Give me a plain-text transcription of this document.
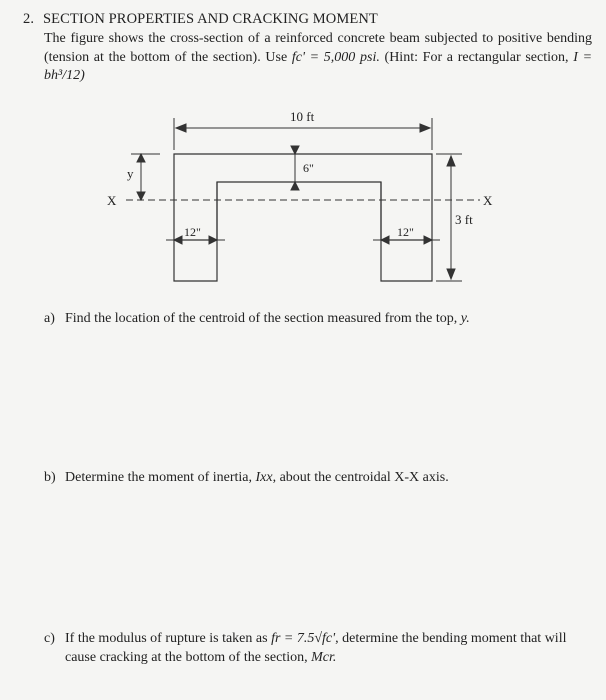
2. SECTION PROPERTIES AND CRACKING MOMENT
The figure shows the cross-section of a reinforced concrete beam subjected to positive bending (tension at the bottom of the section). Use fc' = 5,000 psi. (Hint: For a rectangular section, I = bh³/12)
10 ft
6"
y
X	X
3 ft
12"	12"
a) Find the location of the centroid of the section measured from the top, y.
b) Determine the moment of inertia, Ixx, about the centroidal X-X axis.
c) If the modulus of rupture is taken as fr = 7.5√fc', determine the bending moment that will cause cracking at the bottom of the section, Mcr.
